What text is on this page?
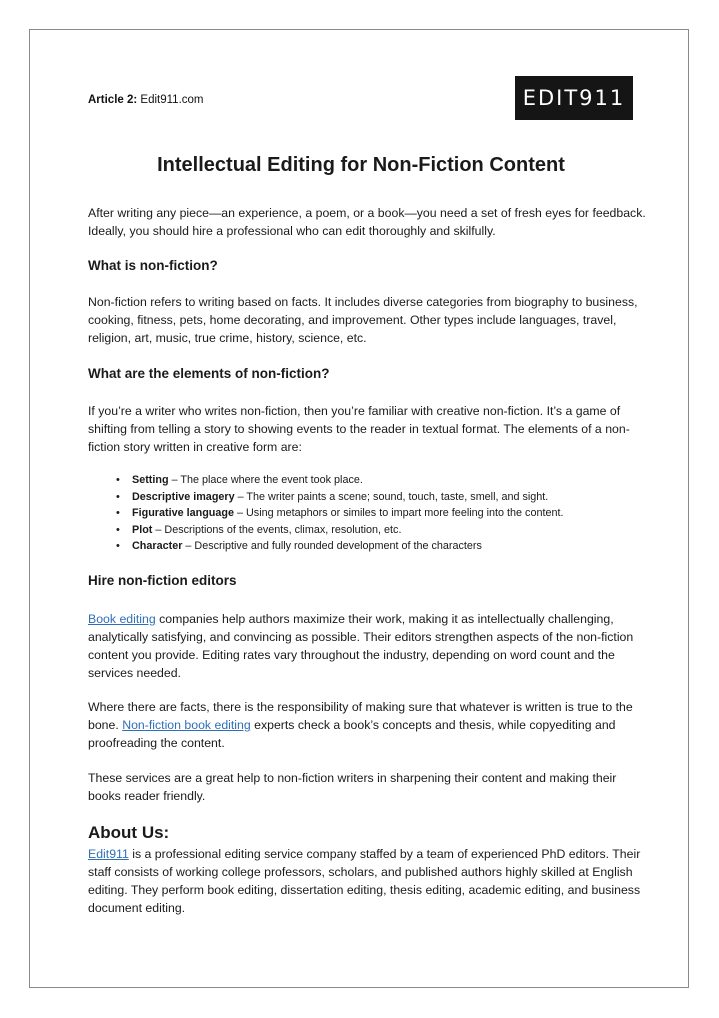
Article 2: Edit911.com	EDIT911
Intellectual Editing for Non-Fiction Content

After writing any piece—an experience, a poem, or a book—you need a set of fresh eyes for feedback. Ideally, you should hire a professional who can edit thoroughly and skilfully.

What is non-fiction?

Non-fiction refers to writing based on facts. It includes diverse categories from biography to business, cooking, fitness, pets, home decorating, and improvement. Other types include languages, travel, religion, art, music, true crime, history, science, etc.

What are the elements of non-fiction?

If you’re a writer who writes non-fiction, then you’re familiar with creative non-fiction. It’s a game of shifting from telling a story to showing events to the reader in textual format. The elements of a non-fiction story written in creative form are:

• Setting – The place where the event took place.
• Descriptive imagery – The writer paints a scene; sound, touch, taste, smell, and sight.
• Figurative language – Using metaphors or similes to impart more feeling into the content.
• Plot – Descriptions of the events, climax, resolution, etc.
• Character – Descriptive and fully rounded development of the characters
Hire non-fiction editors

Book editing companies help authors maximize their work, making it as intellectually challenging, analytically satisfying, and convincing as possible. Their editors strengthen aspects of the non-fiction content you provide. Editing rates vary throughout the industry, depending on word count and the services needed.

Where there are facts, there is the responsibility of making sure that whatever is written is true to the bone. Non-fiction book editing experts check a book’s concepts and thesis, while copyediting and proofreading the content.

These services are a great help to non-fiction writers in sharpening their content and making their books reader friendly.

About Us:

Edit911 is a professional editing service company staffed by a team of experienced PhD editors. Their staff consists of working college professors, scholars, and published authors highly skilled at English editing. They perform book editing, dissertation editing, thesis editing, academic editing, and business document editing.
